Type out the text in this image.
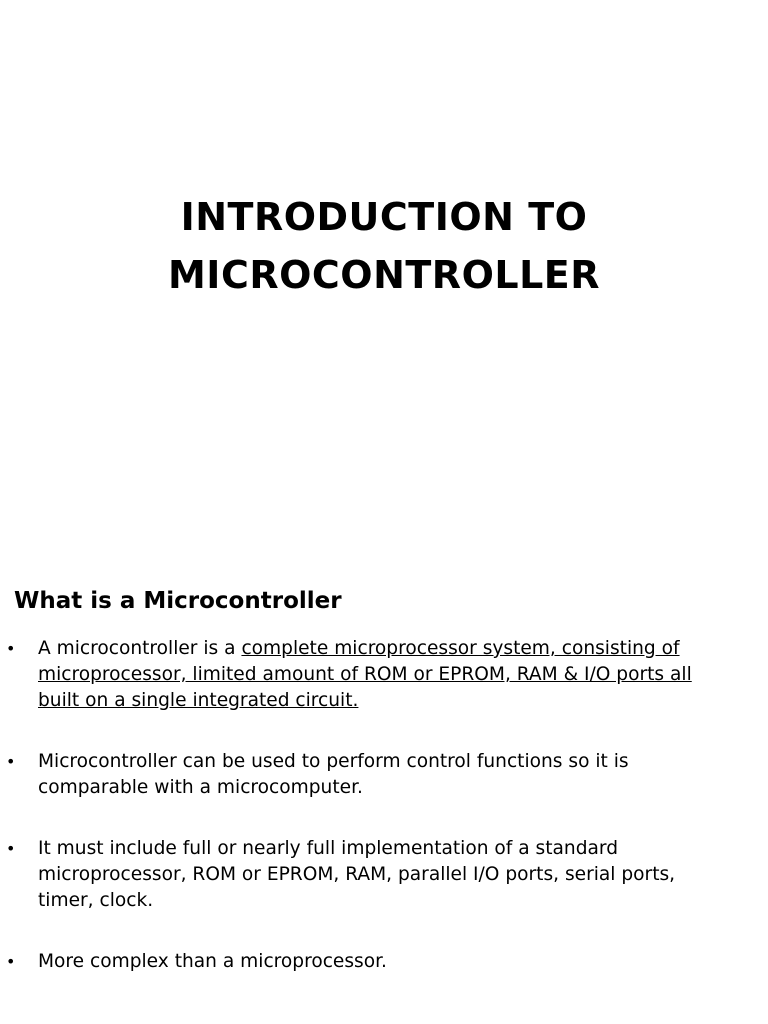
INTRODUCTION TO
MICROCONTROLLER
What is a Microcontroller
• A microcontroller is a complete microprocessor system, consisting of microprocessor, limited amount of ROM or EPROM, RAM & I/O ports all built on a single integrated circuit.
• Microcontroller can be used to perform control functions so it is comparable with a microcomputer.
• It must include full or nearly full implementation of a standard microprocessor, ROM or EPROM, RAM, parallel I/O ports, serial ports, timer, clock.
• More complex than a microprocessor.
